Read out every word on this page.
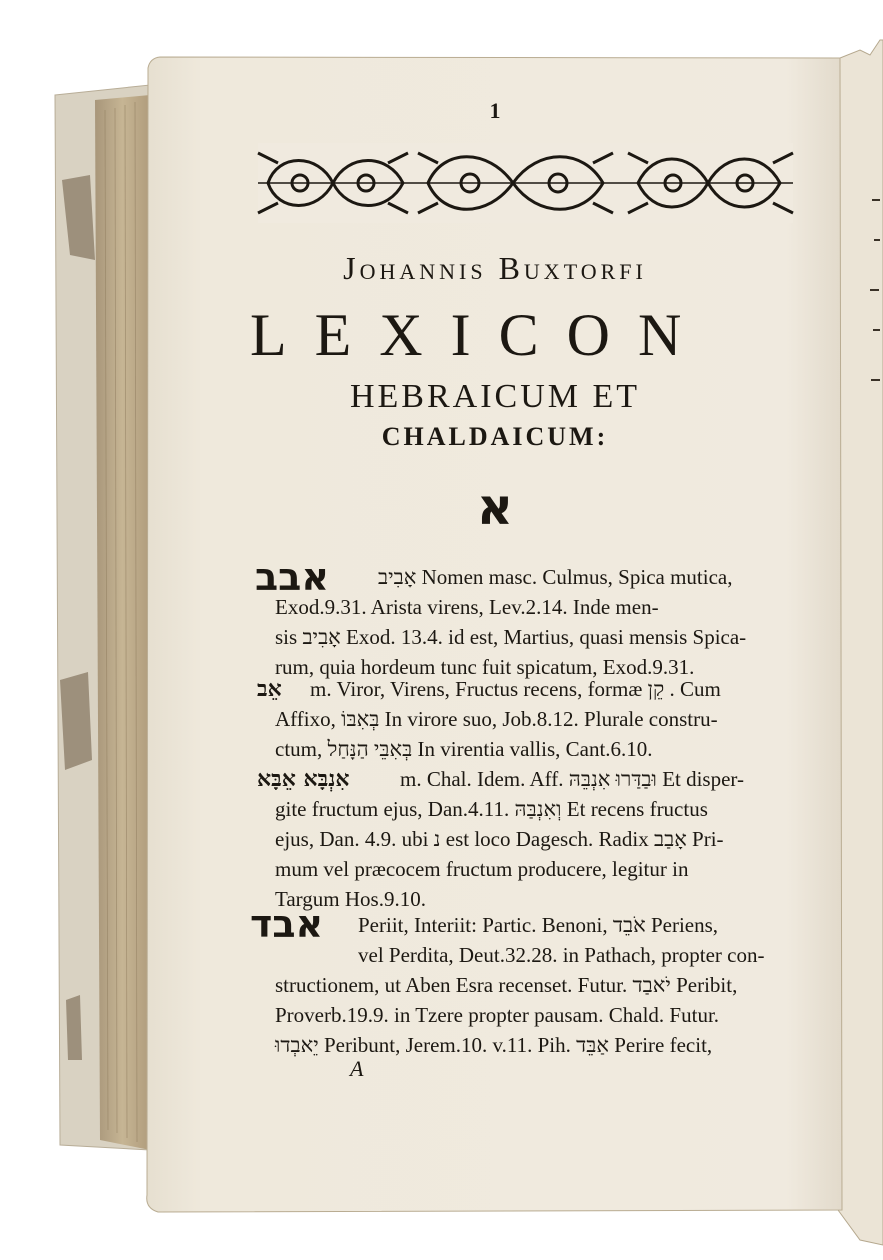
1
Johannis Buxtorfi
LEXICON
HEBRAICUM ET
CHALDAICUM:
א
אבב אָבִיב Nomen masc. Culmus, Spica mutica,
Exod.9.31. Arista virens, Lev.2.14. Inde men-
sis אָבִיב Exod. 13.4. id est, Martius, quasi mensis Spica-
rum, quia hordeum tunc fuit spicatum, Exod.9.31.
אֵב m. Viror, Virens, Fructus recens, formæ קֵן . Cum
Affixo, בְּאִבּוֹ In virore suo, Job.8.12. Plurale constru-
ctum, בְּאִבֵּי הַנָּחַל In virentia vallis, Cant.6.10.
אִנְבָּא אֵבָּא m. Chal. Idem. Aff. וּבַדַּרוּ אִנְבֵּהּ Et disper-
gite fructum ejus, Dan.4.11. וְאִנְבַּהּ Et recens fructus
ejus, Dan. 4.9. ubi נ est loco Dagesch. Radix אָבַב Pri-
mum vel præcocem fructum producere, legitur in
Targum Hos.9.10.
אבד Periit, Interiit: Partic. Benoni, אֹבֵד Periens,
vel Perdita, Deut.32.28. in Pathach, propter con-
structionem, ut Aben Esra recenset. Futur. יֹאבַד Peribit,
Proverb.19.9. in Tzere propter pausam. Chald. Futur.
יֵאבְדוּ Peribunt, Jerem.10. v.11. Pih. אַבֵּד Perire fecit,
A
